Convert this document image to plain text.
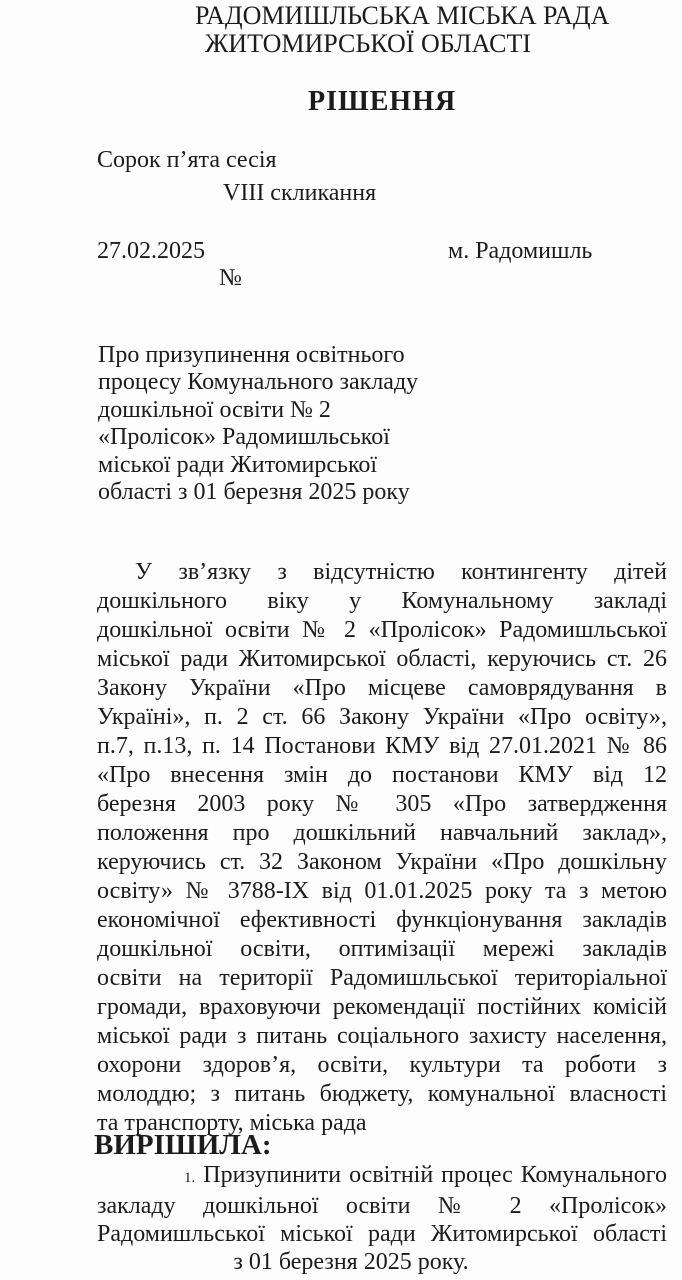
РАДОМИШЛЬСЬКА МІСЬКА РАДА
ЖИТОМИРСЬКОЇ ОБЛАСТІ
РІШЕННЯ
Сорок п’ята сесія
VIII скликання
27.02.2025	м. Радомишль
№
Про призупинення освітнього
процесу Комунального закладу
дошкільної освіти № 2
«Пролісок» Радомишльської
міської ради Житомирської
області з 01 березня 2025 року
У зв’язку з відсутністю контингенту дітей
дошкільного віку у Комунальному закладі
дошкільної освіти № 2 «Пролісок» Радомишльської
міської ради Житомирської області, керуючись ст. 26
Закону України «Про місцеве самоврядування в
Україні», п. 2 ст. 66 Закону України «Про освіту»,
п.7, п.13, п. 14 Постанови КМУ від 27.01.2021 № 86
«Про внесення змін до постанови КМУ від 12
березня 2003 року № 305 «Про затвердження
положення про дошкільний навчальний заклад»,
керуючись ст. 32 Законом України «Про дошкільну
освіту» № 3788-IX від 01.01.2025 року та з метою
економічної ефективності функціонування закладів
дошкільної освіти, оптимізації мережі закладів
освіти на території Радомишльської територіальної
громади, враховуючи рекомендації постійних комісій
міської ради з питань соціального захисту населення,
охорони здоров’я, освіти, культури та роботи з
молоддю; з питань бюджету, комунальної власності
та транспорту, міська рада
ВИРІШИЛА:
1. Призупинити освітній процес Комунального
закладу дошкільної освіти № 2 «Пролісок»
Радомишльської міської ради Житомирської області
з 01 березня 2025 року.
